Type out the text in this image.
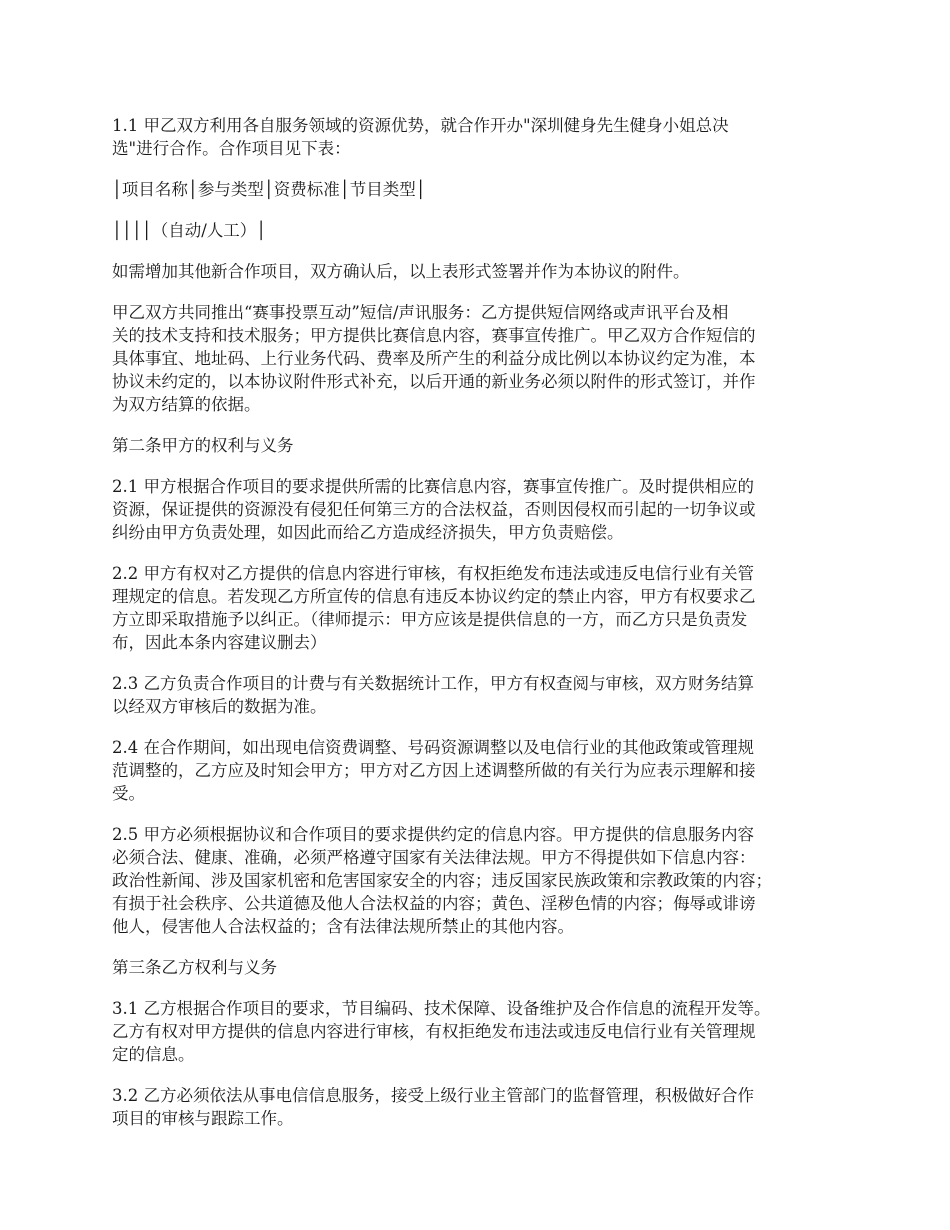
1.1 甲乙双方利用各自服务领域的资源优势，就合作开办"深圳健身先生健身小姐总决
选"进行合作。合作项目见下表：

│项目名称│参与类型│资费标准│节目类型│

││││（自动/人工）│

如需增加其他新合作项目，双方确认后，以上表形式签署并作为本协议的附件。

甲乙双方共同推出“赛事投票互动”短信/声讯服务：乙方提供短信网络或声讯平台及相
关的技术支持和技术服务；甲方提供比赛信息内容，赛事宣传推广。甲乙双方合作短信的
具体事宜、地址码、上行业务代码、费率及所产生的利益分成比例以本协议约定为准，本
协议未约定的，以本协议附件形式补充，以后开通的新业务必须以附件的形式签订，并作
为双方结算的依据。

第二条甲方的权利与义务

2.1 甲方根据合作项目的要求提供所需的比赛信息内容，赛事宣传推广。及时提供相应的
资源，保证提供的资源没有侵犯任何第三方的合法权益，否则因侵权而引起的一切争议或
纠纷由甲方负责处理，如因此而给乙方造成经济损失，甲方负责赔偿。

2.2 甲方有权对乙方提供的信息内容进行审核，有权拒绝发布违法或违反电信行业有关管
理规定的信息。若发现乙方所宣传的信息有违反本协议约定的禁止内容，甲方有权要求乙
方立即采取措施予以纠正。（律师提示：甲方应该是提供信息的一方，而乙方只是负责发
布，因此本条内容建议删去）

2.3 乙方负责合作项目的计费与有关数据统计工作，甲方有权查阅与审核，双方财务结算
以经双方审核后的数据为准。

2.4 在合作期间，如出现电信资费调整、号码资源调整以及电信行业的其他政策或管理规
范调整的，乙方应及时知会甲方；甲方对乙方因上述调整所做的有关行为应表示理解和接
受。

2.5 甲方必须根据协议和合作项目的要求提供约定的信息内容。甲方提供的信息服务内容
必须合法、健康、准确，必须严格遵守国家有关法律法规。甲方不得提供如下信息内容：
政治性新闻、涉及国家机密和危害国家安全的内容；违反国家民族政策和宗教政策的内容；
有损于社会秩序、公共道德及他人合法权益的内容；黄色、淫秽色情的内容；侮辱或诽谤
他人，侵害他人合法权益的；含有法律法规所禁止的其他内容。

第三条乙方权利与义务

3.1 乙方根据合作项目的要求，节目编码、技术保障、设备维护及合作信息的流程开发等。
乙方有权对甲方提供的信息内容进行审核，有权拒绝发布违法或违反电信行业有关管理规
定的信息。

3.2 乙方必须依法从事电信信息服务，接受上级行业主管部门的监督管理，积极做好合作
项目的审核与跟踪工作。
